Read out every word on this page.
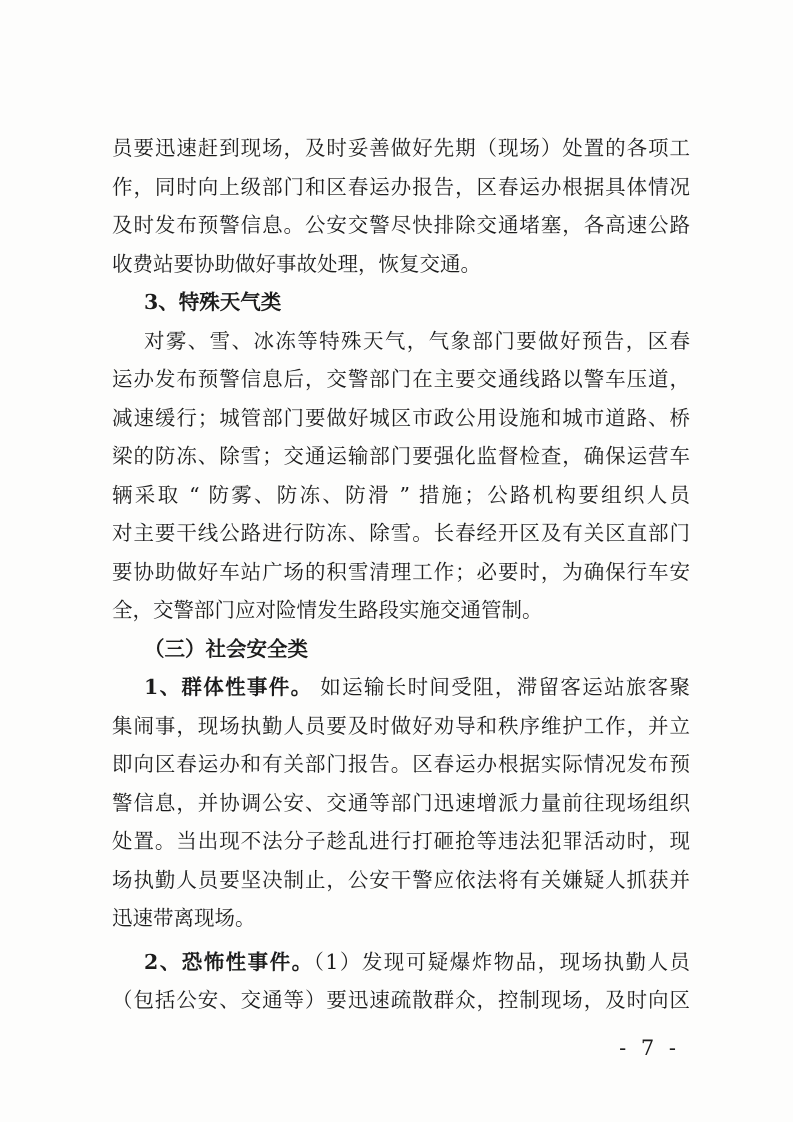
员要迅速赶到现场，及时妥善做好先期（现场）处置的各项工
作，同时向上级部门和区春运办报告，区春运办根据具体情况
及时发布预警信息。公安交警尽快排除交通堵塞，各高速公路
收费站要协助做好事故处理，恢复交通。
3、特殊天气类
对雾、雪、冰冻等特殊天气，气象部门要做好预告，区春
运办发布预警信息后，交警部门在主要交通线路以警车压道，
减速缓行；城管部门要做好城区市政公用设施和城市道路、桥
梁的防冻、除雪；交通运输部门要强化监督检查，确保运营车
辆采取 “ 防雾、防冻、防滑 ” 措施；公路机构要组织人员
对主要干线公路进行防冻、除雪。长春经开区及有关区直部门
要协助做好车站广场的积雪清理工作；必要时，为确保行车安
全，交警部门应对险情发生路段实施交通管制。
（三）社会安全类
1、群体性事件。 如运输长时间受阻，滞留客运站旅客聚
集闹事，现场执勤人员要及时做好劝导和秩序维护工作，并立
即向区春运办和有关部门报告。区春运办根据实际情况发布预
警信息，并协调公安、交通等部门迅速增派力量前往现场组织
处置。当出现不法分子趁乱进行打砸抢等违法犯罪活动时，现
场执勤人员要坚决制止，公安干警应依法将有关嫌疑人抓获并
迅速带离现场。
2、恐怖性事件。（1）发现可疑爆炸物品，现场执勤人员
（包括公安、交通等）要迅速疏散群众，控制现场，及时向区
- 7 -
